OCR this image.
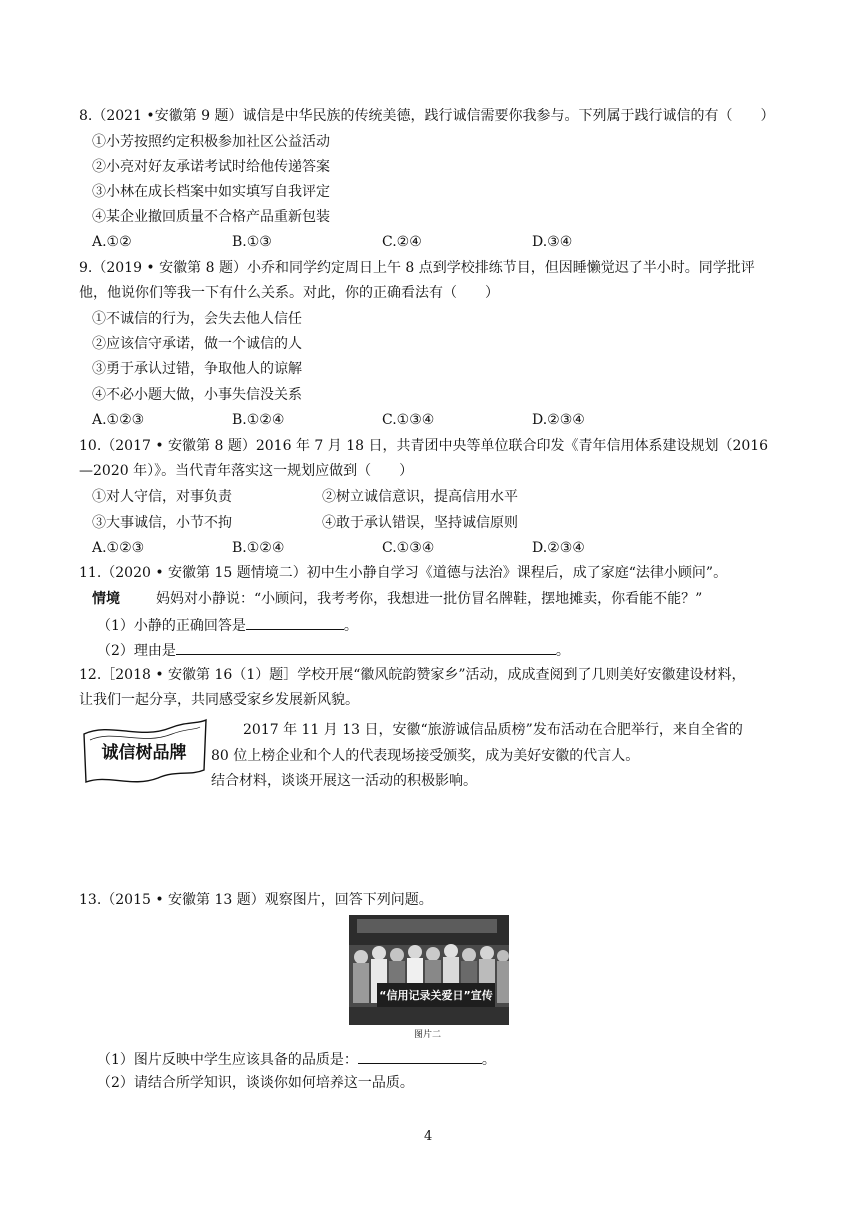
8.（2021 •安徽第 9 题）诚信是中华民族的传统美德，践行诚信需要你我参与。下列属于践行诚信的有（　　）
①小芳按照约定积极参加社区公益活动
②小亮对好友承诺考试时给他传递答案
③小林在成长档案中如实填写自我评定
④某企业撤回质量不合格产品重新包装
A.①②	B.①③	C.②④	D.③④
9.（2019 • 安徽第 8 题）小乔和同学约定周日上午 8 点到学校排练节目，但因睡懒觉迟了半小时。同学批评
他，他说你们等我一下有什么关系。对此，你的正确看法有（　　）
①不诚信的行为，会失去他人信任
②应该信守承诺，做一个诚信的人
③勇于承认过错，争取他人的谅解
④不必小题大做，小事失信没关系
A.①②③	B.①②④	C.①③④	D.②③④
10.（2017 • 安徽第 8 题）2016 年 7 月 18 日，共青团中央等单位联合印发《青年信用体系建设规划（2016
—2020 年）》。当代青年落实这一规划应做到（　　）
①对人守信，对事负责	②树立诚信意识，提高信用水平
③大事诚信，小节不拘	④敢于承认错误，坚持诚信原则
A.①②③	B.①②④	C.①③④	D.②③④
11.（2020 • 安徽第 15 题情境二）初中生小静自学习《道德与法治》课程后，成了家庭“法律小顾问”。
情境	妈妈对小静说：“小顾问，我考考你，我想进一批仿冒名牌鞋，摆地摊卖，你看能不能？”
（1）小静的正确回答是	。
（2）理由是	。
12.［2018 • 安徽第 16（1）题］学校开展“徽风皖韵赞家乡”活动，成成查阅到了几则美好安徽建设材料，
让我们一起分享，共同感受家乡发展新风貌。
诚信树品牌
2017 年 11 月 13 日，安徽“旅游诚信品质榜”发布活动在合肥举行，来自全省的
80 位上榜企业和个人的代表现场接受颁奖，成为美好安徽的代言人。
结合材料，谈谈开展这一活动的积极影响。
13.（2015 • 安徽第 13 题）观察图片，回答下列问题。
“信用记录关爱日”宣传
图片二
（1）图片反映中学生应该具备的品质是：	。
（2）请结合所学知识，谈谈你如何培养这一品质。
4
